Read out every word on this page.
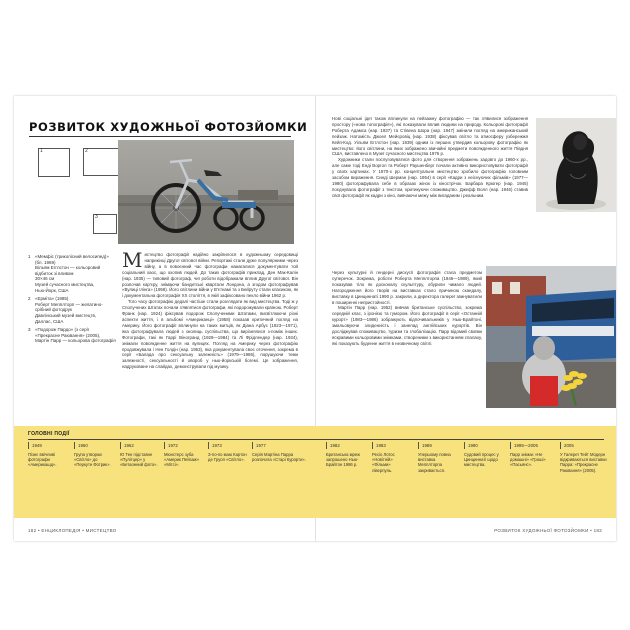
РОЗВИТОК ХУДОЖНЬОЇ ФОТОЗЙОМКИ
1	2
3
1 «Мемфіс (триколісний велосипед)»
(бл. 1969)
Вільям Егглстон — кольоровий
відбиток зі вливом
30×46 см
Музей сучасного мистецтва,
Нью-Йорк, США
2 «Ерміта» (1985)
Роберт Мепплторп — желатино-
срібний фотодрук
Давлінський музей мистецтв,
Даллас, США
3 «Подорож Пардо» (з серії
«Прекрасне Раювання» (2005),
Мартін Парр — кольорова фотографія

Мистецтво фотографії надійно закріпилося в художньому середовищі наприкінці Другої світової війни. Репортажі стали дуже популярними через війну, а в повоєнний час фотографи намагалися документувати той соціальний хаос, що охопив людей. До таких фотографів приклад, Ден Мак-Калін (нар. 1935) — типовий фотограф, чиї роботи відображали вплив Другої світової. Він розпочав кар'єру, знімаючи бандитські квартали Лондона, а згодом фотографував «Вулиці Ілінга» (1958). Його світлини війни у В'єтнамі та з Бейруту стали класикою, як і документальна фотографія ХХ століття, в якій зафіксовано пекло війни 1962 р.

Того часу фотографію дедалі частіше стали розглядати як вид мистецтва. Тоді ж у Сполучених Штатах почали з'являтися фотографи, які подорожували країною. Роберт Франк (нар. 1924) фіксував подорож Сполученими Штатами, висвітлюючи різні аспекти життя, і в альбомі «Американці» (1958) показав критичний погляд на Америку. Його фотографії вплинули на таких митців, як Діана Арбус (1923—1971), яка фотографувала людей з околиць суспільства, що вирізнялися з-поміж інших. Фотографи, такі як Гаррі Віногранд (1928—1984) та Лі Фрідлендер (нар. 1934), знімали повсякденне життя на вулицях. Погляд на Америку через фотографію продовжувала і Нен Голдін (нар. 1953), яка документувала своє оточення, зокрема в серії «Балада про сексуальну залежність» (1979—1986), порушуючи теми залежності, сексуальності й хвороб у нью-йоркській богемі. Це зображення, надруковане на слайдах, демонстрували під музику.

Нові соціальні ідеї також вплинули на пейзажну фотографію — так з'явилися зображення простору («нова топографія»), які показували вплив людини на природу. Кольорові фотографії Роберта Адамса (нар. 1937) та Стівена Шора (нар. 1947) змінили погляд на американський пейзаж. Натомість Джоел Мейєровіц (нар. 1938) фіксував світло та атмосферу узбережжя Кейп-Код. Уільям Егглстон (нар. 1939) одним із перших утвердив кольорову фотографію як мистецтво: його світлини, на яких зображено звичайні предмети повсякденного життя Півдня США, виставлено в Музеї сучасного мистецтва 1976 р.

Художники стали послуговуватися фото для створення зображень задовго до 1960-х рр., але саме тоді Енді Воргол та Роберт Раушенберг почали активно використовувати фотографії у своїх картинах. У 1970-х рр. концептуальне мистецтво зробило фотографію головним засобом вираження. Синді Шерман (нар. 1954) в серії «Кадри з неіснуючих фільмів» (1977—1980) фотографувала себе в образах жінок із кінострічок. Барбара Крюгер (нар. 1945) поєднувала фотографії з текстом, критикуючи споживацтво. Джефф Волл (нар. 1946) ставив свої фотографії як кадри з кіно, вивчаючи межу між вигаданим і реальним.

Через культурні й гендерні дискусії фотографія стала предметом суперечок. Зокрема, роботи Роберта Мепплторпа (1946—1989), який показував тіло як досконалу скульптуру, обурили чимало людей. Нагородження його творів на виставках стало причиною скандалу, виставку в Цинциннаті 1990 р. закрили, а директора галереї звинуватили в поширенні непристойності.

Мартін Парр (нар. 1952) вивчав британське суспільство, зокрема середній клас, з іронією та гумором. Його фотографії в серії «Останній курорт» (1983—1986) зображують відпочивальників у Нью-Брайтоні, змальовуючи злиденність і занепад англійських курортів. Він досліджував споживацтво, туризм та глобалізацію. Парр відомий своїми яскравими кольоровими знімками, створеними з використанням спалаху, які показують буденне життя в незвичному світлі.

ГОЛОВНІ ПОДІЇ
1949
Пізнє ввічливі фотографи «Америкашд».
1960
Група утворює «Світло» до «Перкутн Фотрик».
1962
Ю Тен підставне «Пулітцер» у «Бетаонний фото».
1972
Мюнстерс зуба «Америк Пейзаж» «Мітсі».
1973
З-по-по маю Картон де Груоп «Світло».
1977
Серія Мартіна Парра розпочата «Старі Курорти».
1982
Британська мреж запрошено Нью-Брайтон 1986 р.
1983
Ресіо Лотос «Новітній» «Фільми» ліверпуль.
1989
Упершому повна виставка Мепплторпа закривається.
1990
Судовий процес у Цинциннаті щодо мистецтва.
1995—2005
Парр знімає «Не домашні» «Гроші» «Пасьянс».
2005
У Галереї Тейт Модерн відкриваються виставки Парра: «Прекрасне Раювання» (2005).
182 • ЕНЦИКЛОПЕДІЯ • МИСТЕЦТВО	РОЗВИТОК ХУДОЖНЬОЇ ФОТОЗЙОМКИ • 183
